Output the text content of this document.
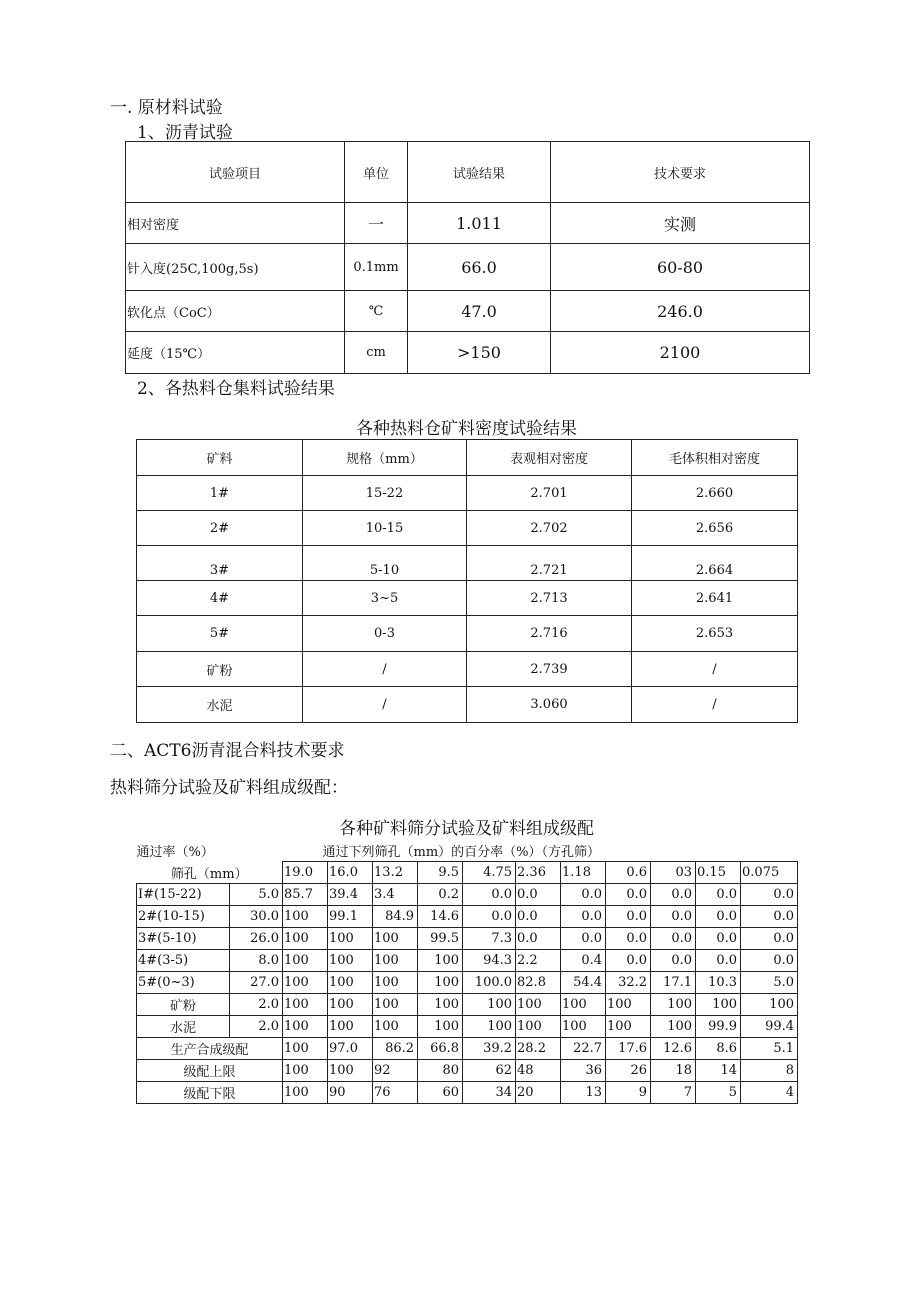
一. 原材料试验
1、沥青试验
试验项目	单位	试验结果	技术要求
相对密度	一	1.011	实测
针入度(25C,100g,5s)	0.1mm	66.0	60-80
软化点（CoC）	℃	47.0	246.0
延度（15℃）	cm	>150	2100
2、各热料仓集料试验结果
各种热料仓矿料密度试验结果
矿料	规格（mm）	表观相对密度	毛体积相对密度
1#	15-22	2.701	2.660
2#	10-15	2.702	2.656
3#	5-10	2.721	2.664
4#	3~5	2.713	2.641
5#	0-3	2.716	2.653
矿粉	/	2.739	/
水泥	/	3.060	/
二、ACT6沥青混合料技术要求
热料筛分试验及矿料组成级配：
各种矿料筛分试验及矿料组成级配
通过率（%）		通过下列筛孔（mm）的百分率（%）（方孔筛）										
筛孔（mm）		19.0	16.0	13.2	9.5	4.75	2.36	1.18	0.6	03	0.15	0.075
I#(15-22)	5.0	85.7	39.4	3.4	0.2	0.0	0.0	0.0	0.0	0.0	0.0	0.0
2#(10-15)	30.0	100	99.1	84.9	14.6	0.0	0.0	0.0	0.0	0.0	0.0	0.0
3#(5-10)	26.0	100	100	100	99.5	7.3	0.0	0.0	0.0	0.0	0.0	0.0
4#(3-5)	8.0	100	100	100	100	94.3	2.2	0.4	0.0	0.0	0.0	0.0
5#(0~3)	27.0	100	100	100	100	100.0	82.8	54.4	32.2	17.1	10.3	5.0
矿粉	2.0	100	100	100	100	100	100	100	100	100	100	100
水泥	2.0	100	100	100	100	100	100	100	100	100	99.9	99.4
生产合成级配		100	97.0	86.2	66.8	39.2	28.2	22.7	17.6	12.6	8.6	5.1
级配上限		100	100	92	80	62	48	36	26	18	14	8
级配下限		100	90	76	60	34	20	13	9	7	5	4
